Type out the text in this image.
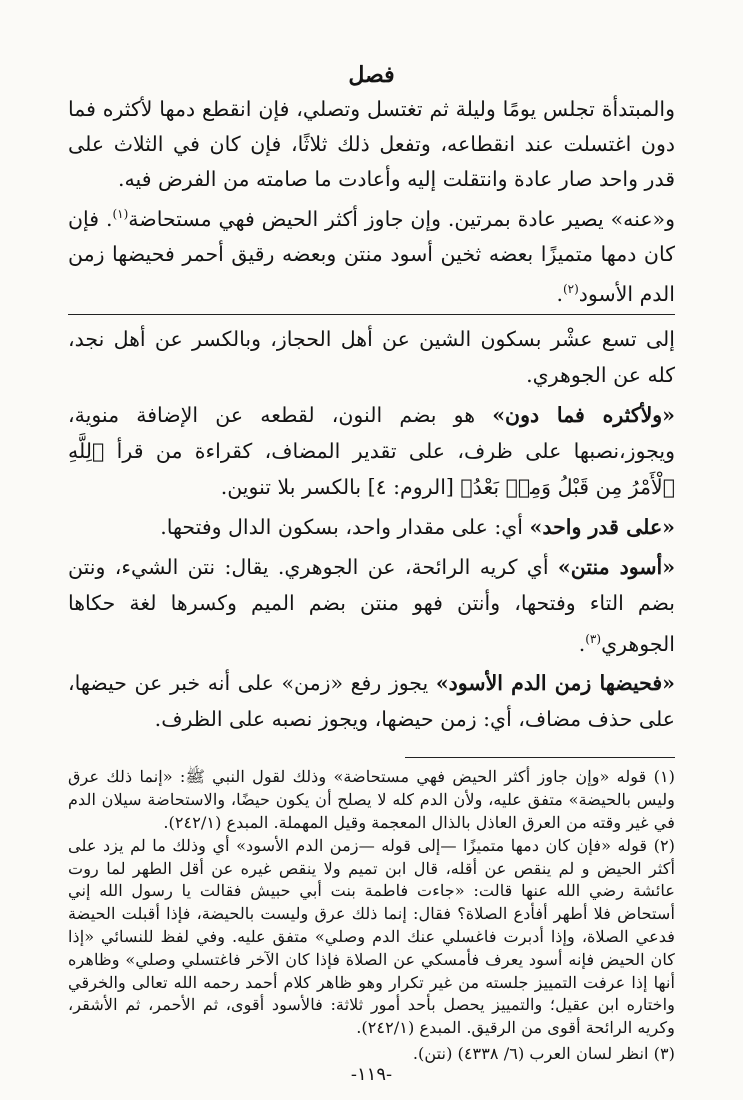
فصل

والمبتدأة تجلس يومًا وليلة ثم تغتسل وتصلي، فإن انقطع دمها لأكثره فما دون اغتسلت عند انقطاعه، وتفعل ذلك ثلاثًا، فإن كان في الثلاث على قدر واحد صار عادة وانتقلت إليه وأعادت ما صامته من الفرض فيه.

و«عنه» يصير عادة بمرتين. وإن جاوز أكثر الحيض فهي مستحاضة$^{(١)}$. فإن كان دمها متميزًا بعضه ثخين أسود منتن وبعضه رقيق أحمر فحيضها زمن الدم الأسود$^{(٢)}$.

إلى تسع عشْر بسكون الشين عن أهل الحجاز، وبالكسر عن أهل نجد، كله عن الجوهري.

«ولأكثره فما دون» هو بضم النون، لقطعه عن الإضافة منوية، ويجوز،نصبها على ظرف، على تقدير المضاف، كقراءة من قرأ ﴿لِلَّهِ ٱلْأَمْرُ مِن قَبْلُ وَمِنۢ بَعْدُ﴾ [الروم: ٤] بالكسر بلا تنوين.

«على قدر واحد» أي: على مقدار واحد، بسكون الدال وفتحها.

«أسود منتن» أي كريه الرائحة، عن الجوهري. يقال: نتن الشيء، ونتن بضم التاء وفتحها، وأنتن فهو منتن بضم الميم وكسرها لغة حكاها الجوهري$^{(٣)}$.

«فحيضها زمن الدم الأسود» يجوز رفع «زمن» على أنه خبر عن حيضها، على حذف مضاف، أي: زمن حيضها، ويجوز نصبه على الظرف.

(١) قوله «وإن جاوز أكثر الحيض فهي مستحاضة» وذلك لقول النبي ﷺ: «إنما ذلك عرق وليس بالحيضة» متفق عليه، ولأن الدم كله لا يصلح أن يكون حيضًا، والاستحاضة سيلان الدم في غير وقته من العرق العاذل بالذال المعجمة وقيل المهملة. المبدع (٢٤٢/١).

(٢) قوله «فإن كان دمها متميزًا —إلى قوله —زمن الدم الأسود» أي وذلك ما لم يزد على أكثر الحيض و لم ينقص عن أقله، قال ابن تميم ولا ينقص غيره عن أقل الطهر لما روت عائشة رضي الله عنها قالت: «جاءت فاطمة بنت أبي حبيش فقالت يا رسول الله إني أستحاض فلا أطهر أفأدع الصلاة؟ فقال: إنما ذلك عرق وليست بالحيضة، فإذا أقبلت الحيضة فدعي الصلاة، وإذا أدبرت فاغسلي عنك الدم وصلي» متفق عليه. وفي لفظ للنسائي «إذا كان الحيض فإنه أسود يعرف فأمسكي عن الصلاة فإذا كان الآخر فاغتسلي وصلي» وظاهره أنها إذا عرفت التمييز جلسته من غير تكرار وهو ظاهر كلام أحمد رحمه الله تعالى والخرقي واختاره ابن عقيل؛ والتمييز يحصل بأحد أمور ثلاثة: فالأسود أقوى، ثم الأحمر، ثم الأشقر، وكريه الرائحة أقوى من الرقيق. المبدع (٢٤٢/١).

(٣) انظر لسان العرب (٦/ ٤٣٣٨) (نتن).

-١١٩-
